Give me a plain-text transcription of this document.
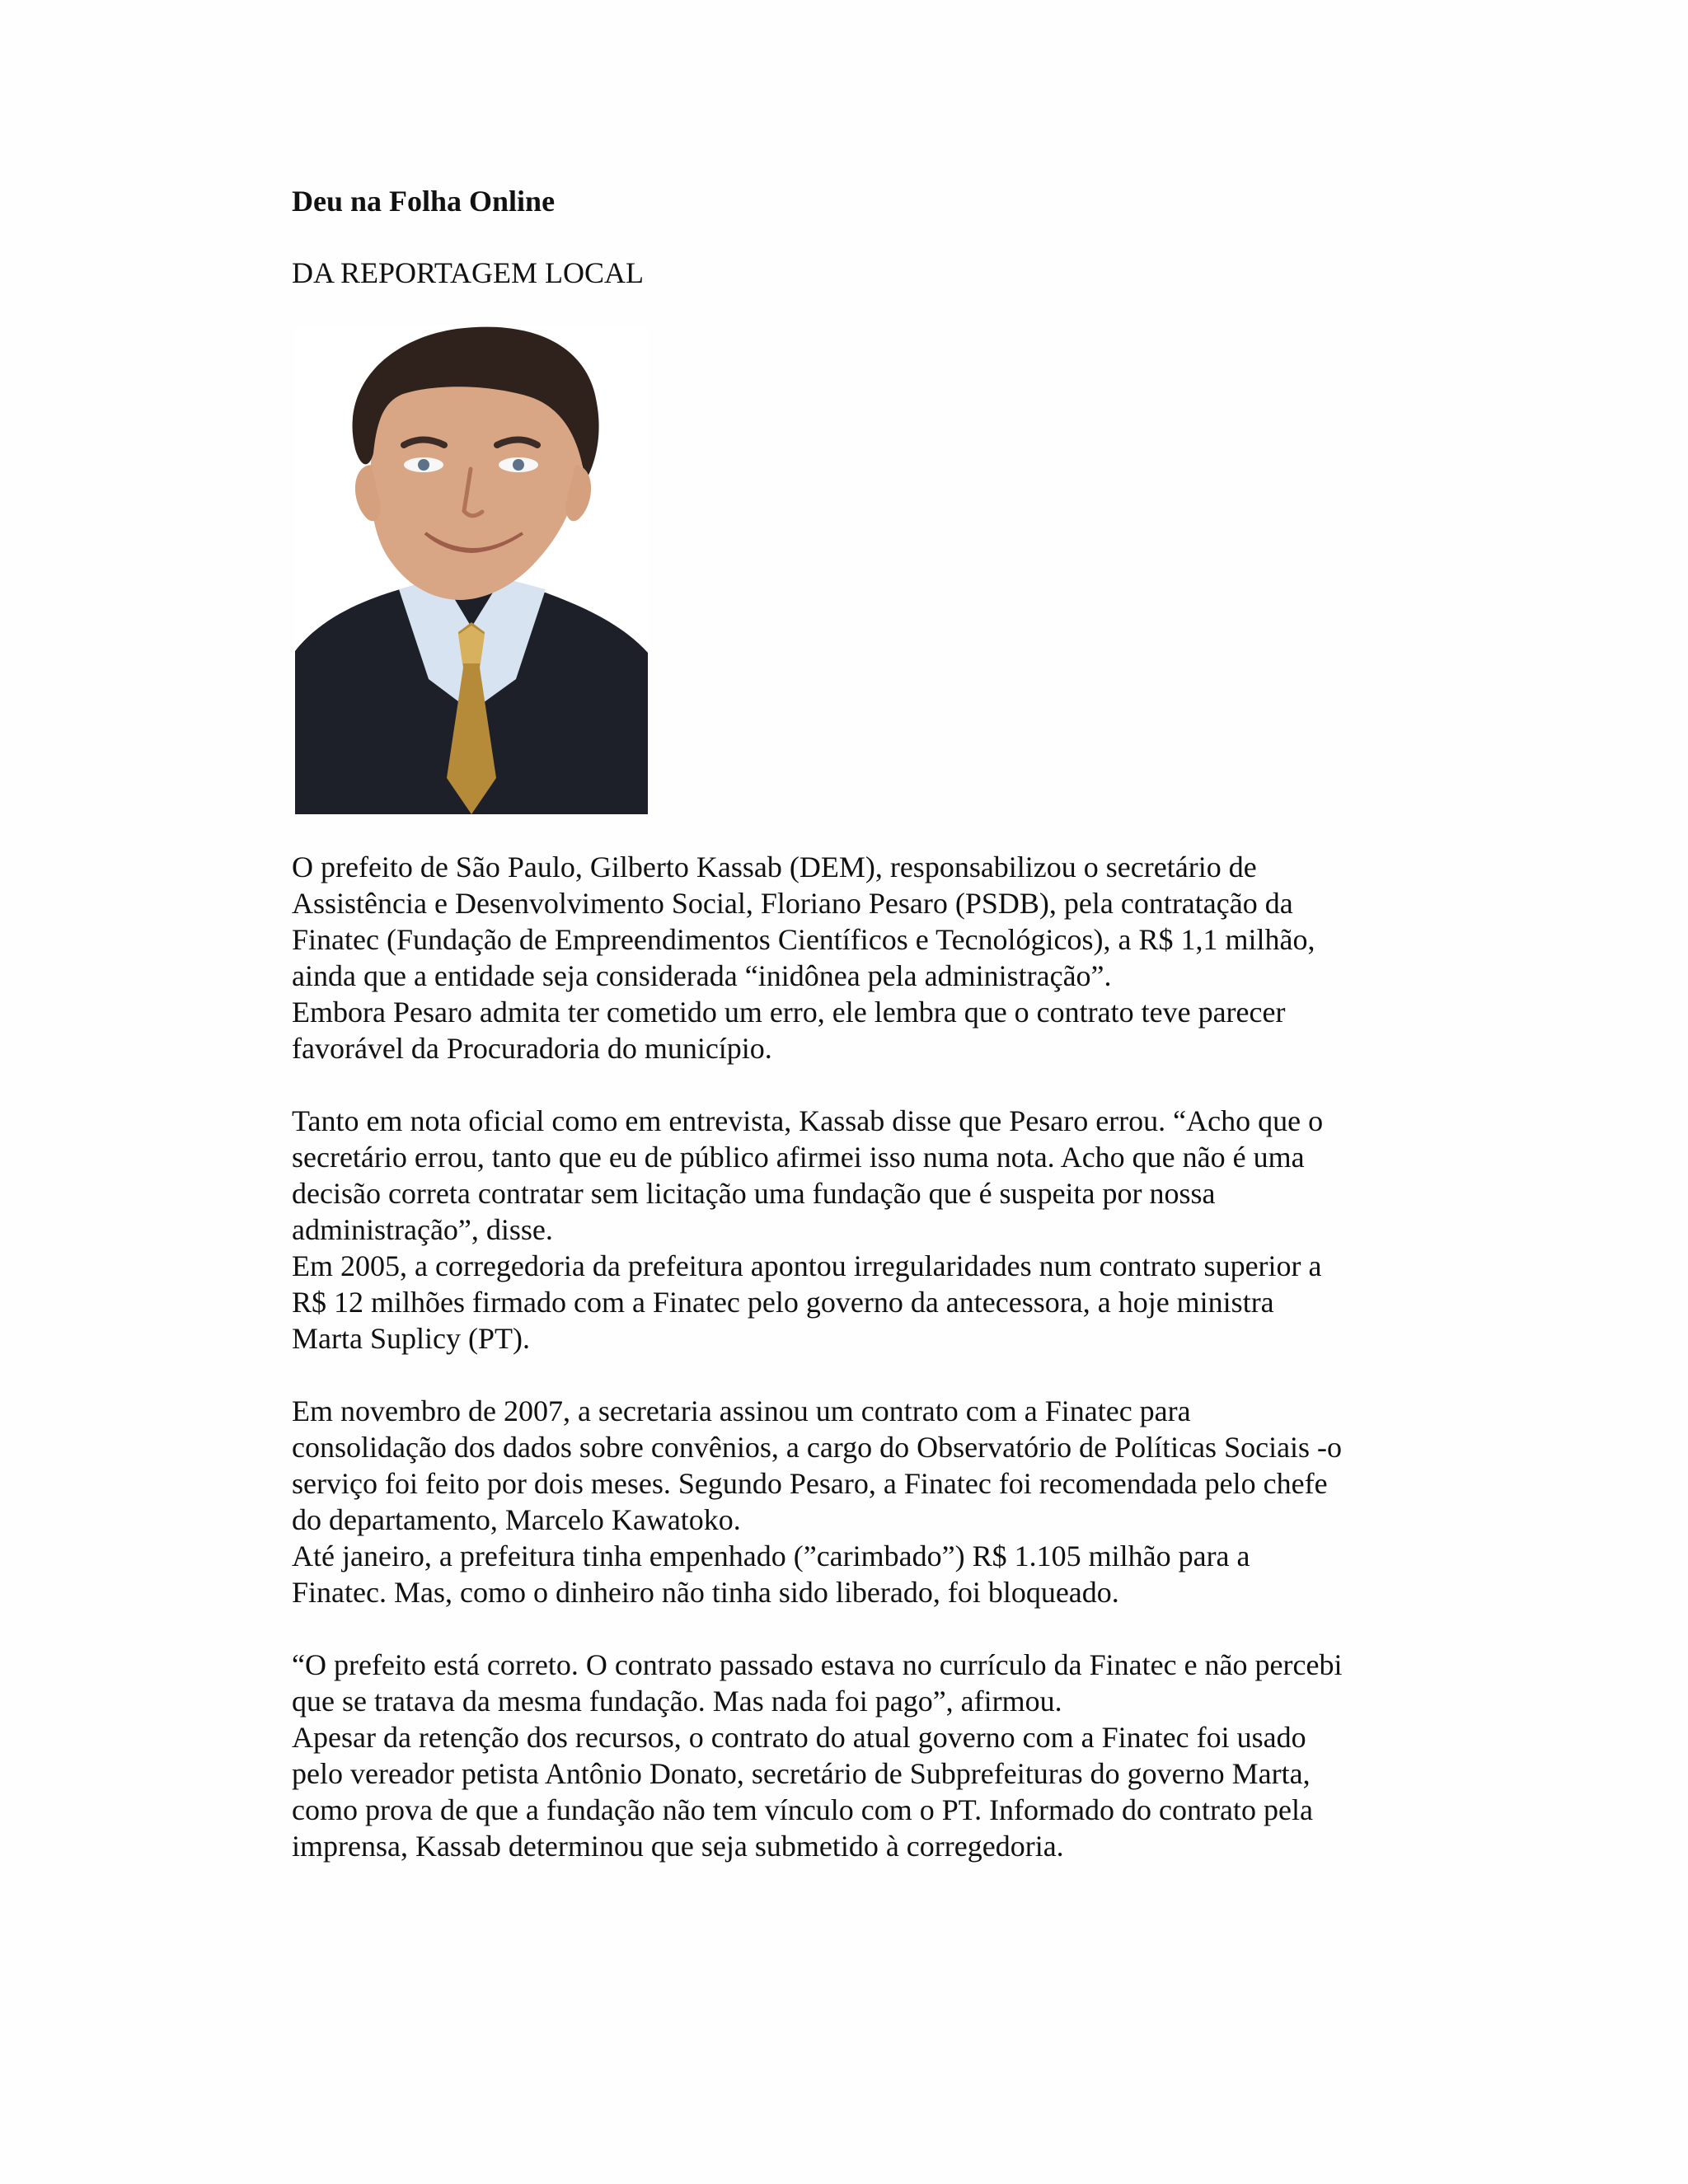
Deu na Folha Online

DA REPORTAGEM LOCAL

O prefeito de São Paulo, Gilberto Kassab (DEM), responsabilizou o secretário de
Assistência e Desenvolvimento Social, Floriano Pesaro (PSDB), pela contratação da
Finatec (Fundação de Empreendimentos Científicos e Tecnológicos), a R$ 1,1 milhão,
ainda que a entidade seja considerada “inidônea pela administração”.
Embora Pesaro admita ter cometido um erro, ele lembra que o contrato teve parecer
favorável da Procuradoria do município.

Tanto em nota oficial como em entrevista, Kassab disse que Pesaro errou. “Acho que o
secretário errou, tanto que eu de público afirmei isso numa nota. Acho que não é uma
decisão correta contratar sem licitação uma fundação que é suspeita por nossa
administração”, disse.
Em 2005, a corregedoria da prefeitura apontou irregularidades num contrato superior a
R$ 12 milhões firmado com a Finatec pelo governo da antecessora, a hoje ministra
Marta Suplicy (PT).

Em novembro de 2007, a secretaria assinou um contrato com a Finatec para
consolidação dos dados sobre convênios, a cargo do Observatório de Políticas Sociais -o
serviço foi feito por dois meses. Segundo Pesaro, a Finatec foi recomendada pelo chefe
do departamento, Marcelo Kawatoko.
Até janeiro, a prefeitura tinha empenhado (”carimbado”) R$ 1.105 milhão para a
Finatec. Mas, como o dinheiro não tinha sido liberado, foi bloqueado.

“O prefeito está correto. O contrato passado estava no currículo da Finatec e não percebi
que se tratava da mesma fundação. Mas nada foi pago”, afirmou.
Apesar da retenção dos recursos, o contrato do atual governo com a Finatec foi usado
pelo vereador petista Antônio Donato, secretário de Subprefeituras do governo Marta,
como prova de que a fundação não tem vínculo com o PT. Informado do contrato pela
imprensa, Kassab determinou que seja submetido à corregedoria.
